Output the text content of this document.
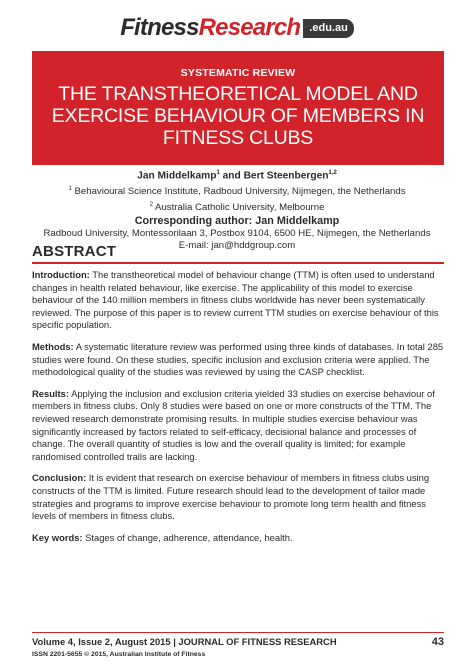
Fitness Research .edu.au
SYSTEMATIC REVIEW
THE TRANSTHEORETICAL MODEL AND
EXERCISE BEHAVIOUR OF MEMBERS IN
FITNESS CLUBS
Jan Middelkamp$^1$ and Bert Steenbergen$^{1,2}$
$^1$ Behavioural Science Institute, Radboud University, Nijmegen, the Netherlands
$^2$ Australia Catholic University, Melbourne
Corresponding author: Jan Middelkamp
Radboud University, Montessorilaan 3, Postbox 9104, 6500 HE, Nijmegen, the Netherlands
E-mail: jan@hddgroup.com
ABSTRACT

Introduction: The transtheoretical model of behaviour change (TTM) is often used to understand changes in health related behaviour, like exercise. The applicability of this model to exercise behaviour of the 140 million members in fitness clubs worldwide has never been systematically reviewed. The purpose of this paper is to review current TTM studies on exercise behaviour of this specific population.

Methods: A systematic literature review was performed using three kinds of databases. In total 285 studies were found. On these studies, specific inclusion and exclusion criteria were applied. The methodological quality of the studies was reviewed by using the CASP checklist.

Results: Applying the inclusion and exclusion criteria yielded 33 studies on exercise behaviour of members in fitness clubs. Only 8 studies were based on one or more constructs of the TTM. The reviewed research demonstrate promising results. In multiple studies exercise behaviour was significantly increased by factors related to self-efficacy, decisional balance and processes of change. The overall quantity of studies is low and the overall quality is limited; for example randomised controlled trails are lacking.

Conclusion: It is evident that research on exercise behaviour of members in fitness clubs using constructs of the TTM is limited. Future research should lead to the development of tailor made strategies and programs to improve exercise behaviour to promote long term health and fitness levels of members in fitness clubs.

Key words: Stages of change, adherence, attendance, health.

Volume 4, Issue 2, August 2015 | JOURNAL OF FITNESS RESEARCH	43
ISSN 2201-5655 © 2015, Australian Institute of Fitness
